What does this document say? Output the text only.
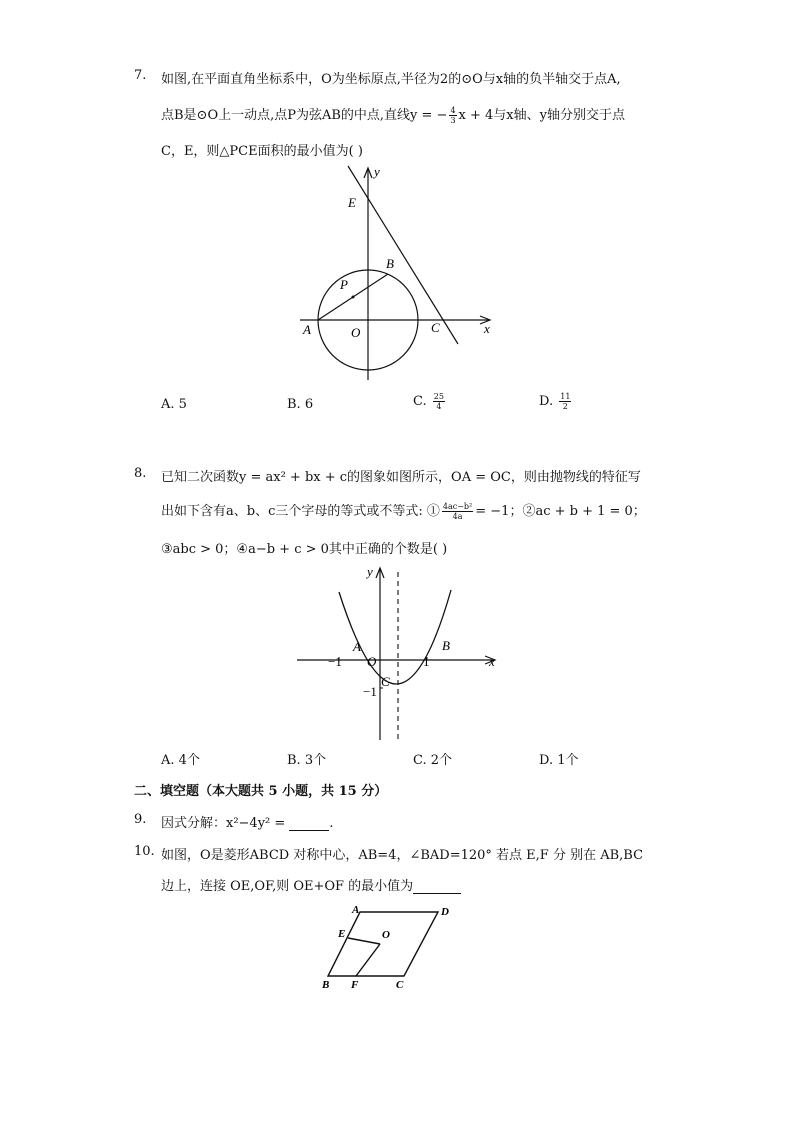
7. 如图,在平面直角坐标系中，O为坐标原点,半径为2的⊙O与x轴的负半轴交于点A,
点B是⊙O上一动点,点P为弦AB的中点,直线y = − $\frac{4}{3}$ x + 4与x轴、y轴分别交于点
C，E，则△PCE面积的最小值为( )
y
E
B
P
A	O	C	x
A. 5	B. 6	C. $\frac{25}{4}$	D. $\frac{11}{2}$
8. 已知二次函数y = ax² + bx + c的图象如图所示，OA = OC，则由抛物线的特征写
出如下含有a、b、c三个字母的等式或不等式: ① $\frac{\text{4ac−b²}}{4a} = -1$；②ac + b + 1 = 0；
③abc > 0；④a−b + c > 0其中正确的个数是( )
y
A	B
O
C
x
−1	1
−1
A. 4个	B. 3个	C. 2个	D. 1个
二、填空题（本大题共 5 小题，共 15 分）
9. 因式分解：x²−4y² =	.
10. 如图，O是菱形ABCD 对称中心，AB=4，∠BAD=120° 若点 E,F 分 别在 AB,BC
边上，连接 OE,OF,则 OE+OF 的最小值为
A	D
E	O
B F	C
